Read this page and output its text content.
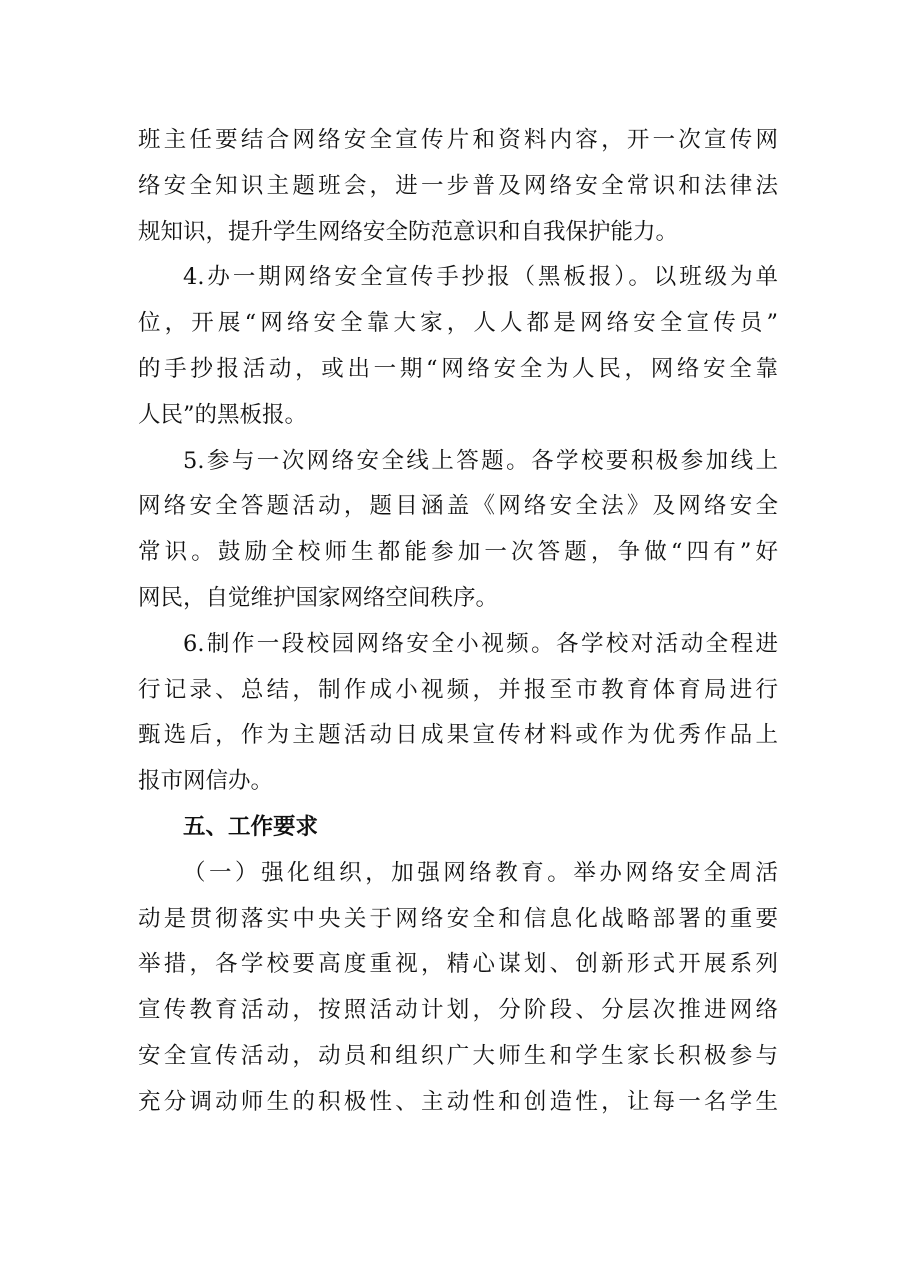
班主任要结合网络安全宣传片和资料内容，开一次宣传网
络安全知识主题班会，进一步普及网络安全常识和法律法
规知识，提升学生网络安全防范意识和自我保护能力。
4.办一期网络安全宣传手抄报（黑板报）。以班级为单
位，开展“网络安全靠大家，人人都是网络安全宣传员”
的手抄报活动，或出一期“网络安全为人民，网络安全靠
人民”的黑板报。
5.参与一次网络安全线上答题。各学校要积极参加线上
网络安全答题活动，题目涵盖《网络安全法》及网络安全
常识。鼓励全校师生都能参加一次答题，争做“四有”好
网民，自觉维护国家网络空间秩序。
6.制作一段校园网络安全小视频。各学校对活动全程进
行记录、总结，制作成小视频，并报至市教育体育局进行
甄选后，作为主题活动日成果宣传材料或作为优秀作品上
报市网信办。
五、工作要求
（一）强化组织，加强网络教育。举办网络安全周活
动是贯彻落实中央关于网络安全和信息化战略部署的重要
举措，各学校要高度重视，精心谋划、创新形式开展系列
宣传教育活动，按照活动计划，分阶段、分层次推进网络
安全宣传活动，动员和组织广大师生和学生家长积极参与
充分调动师生的积极性、主动性和创造性，让每一名学生
